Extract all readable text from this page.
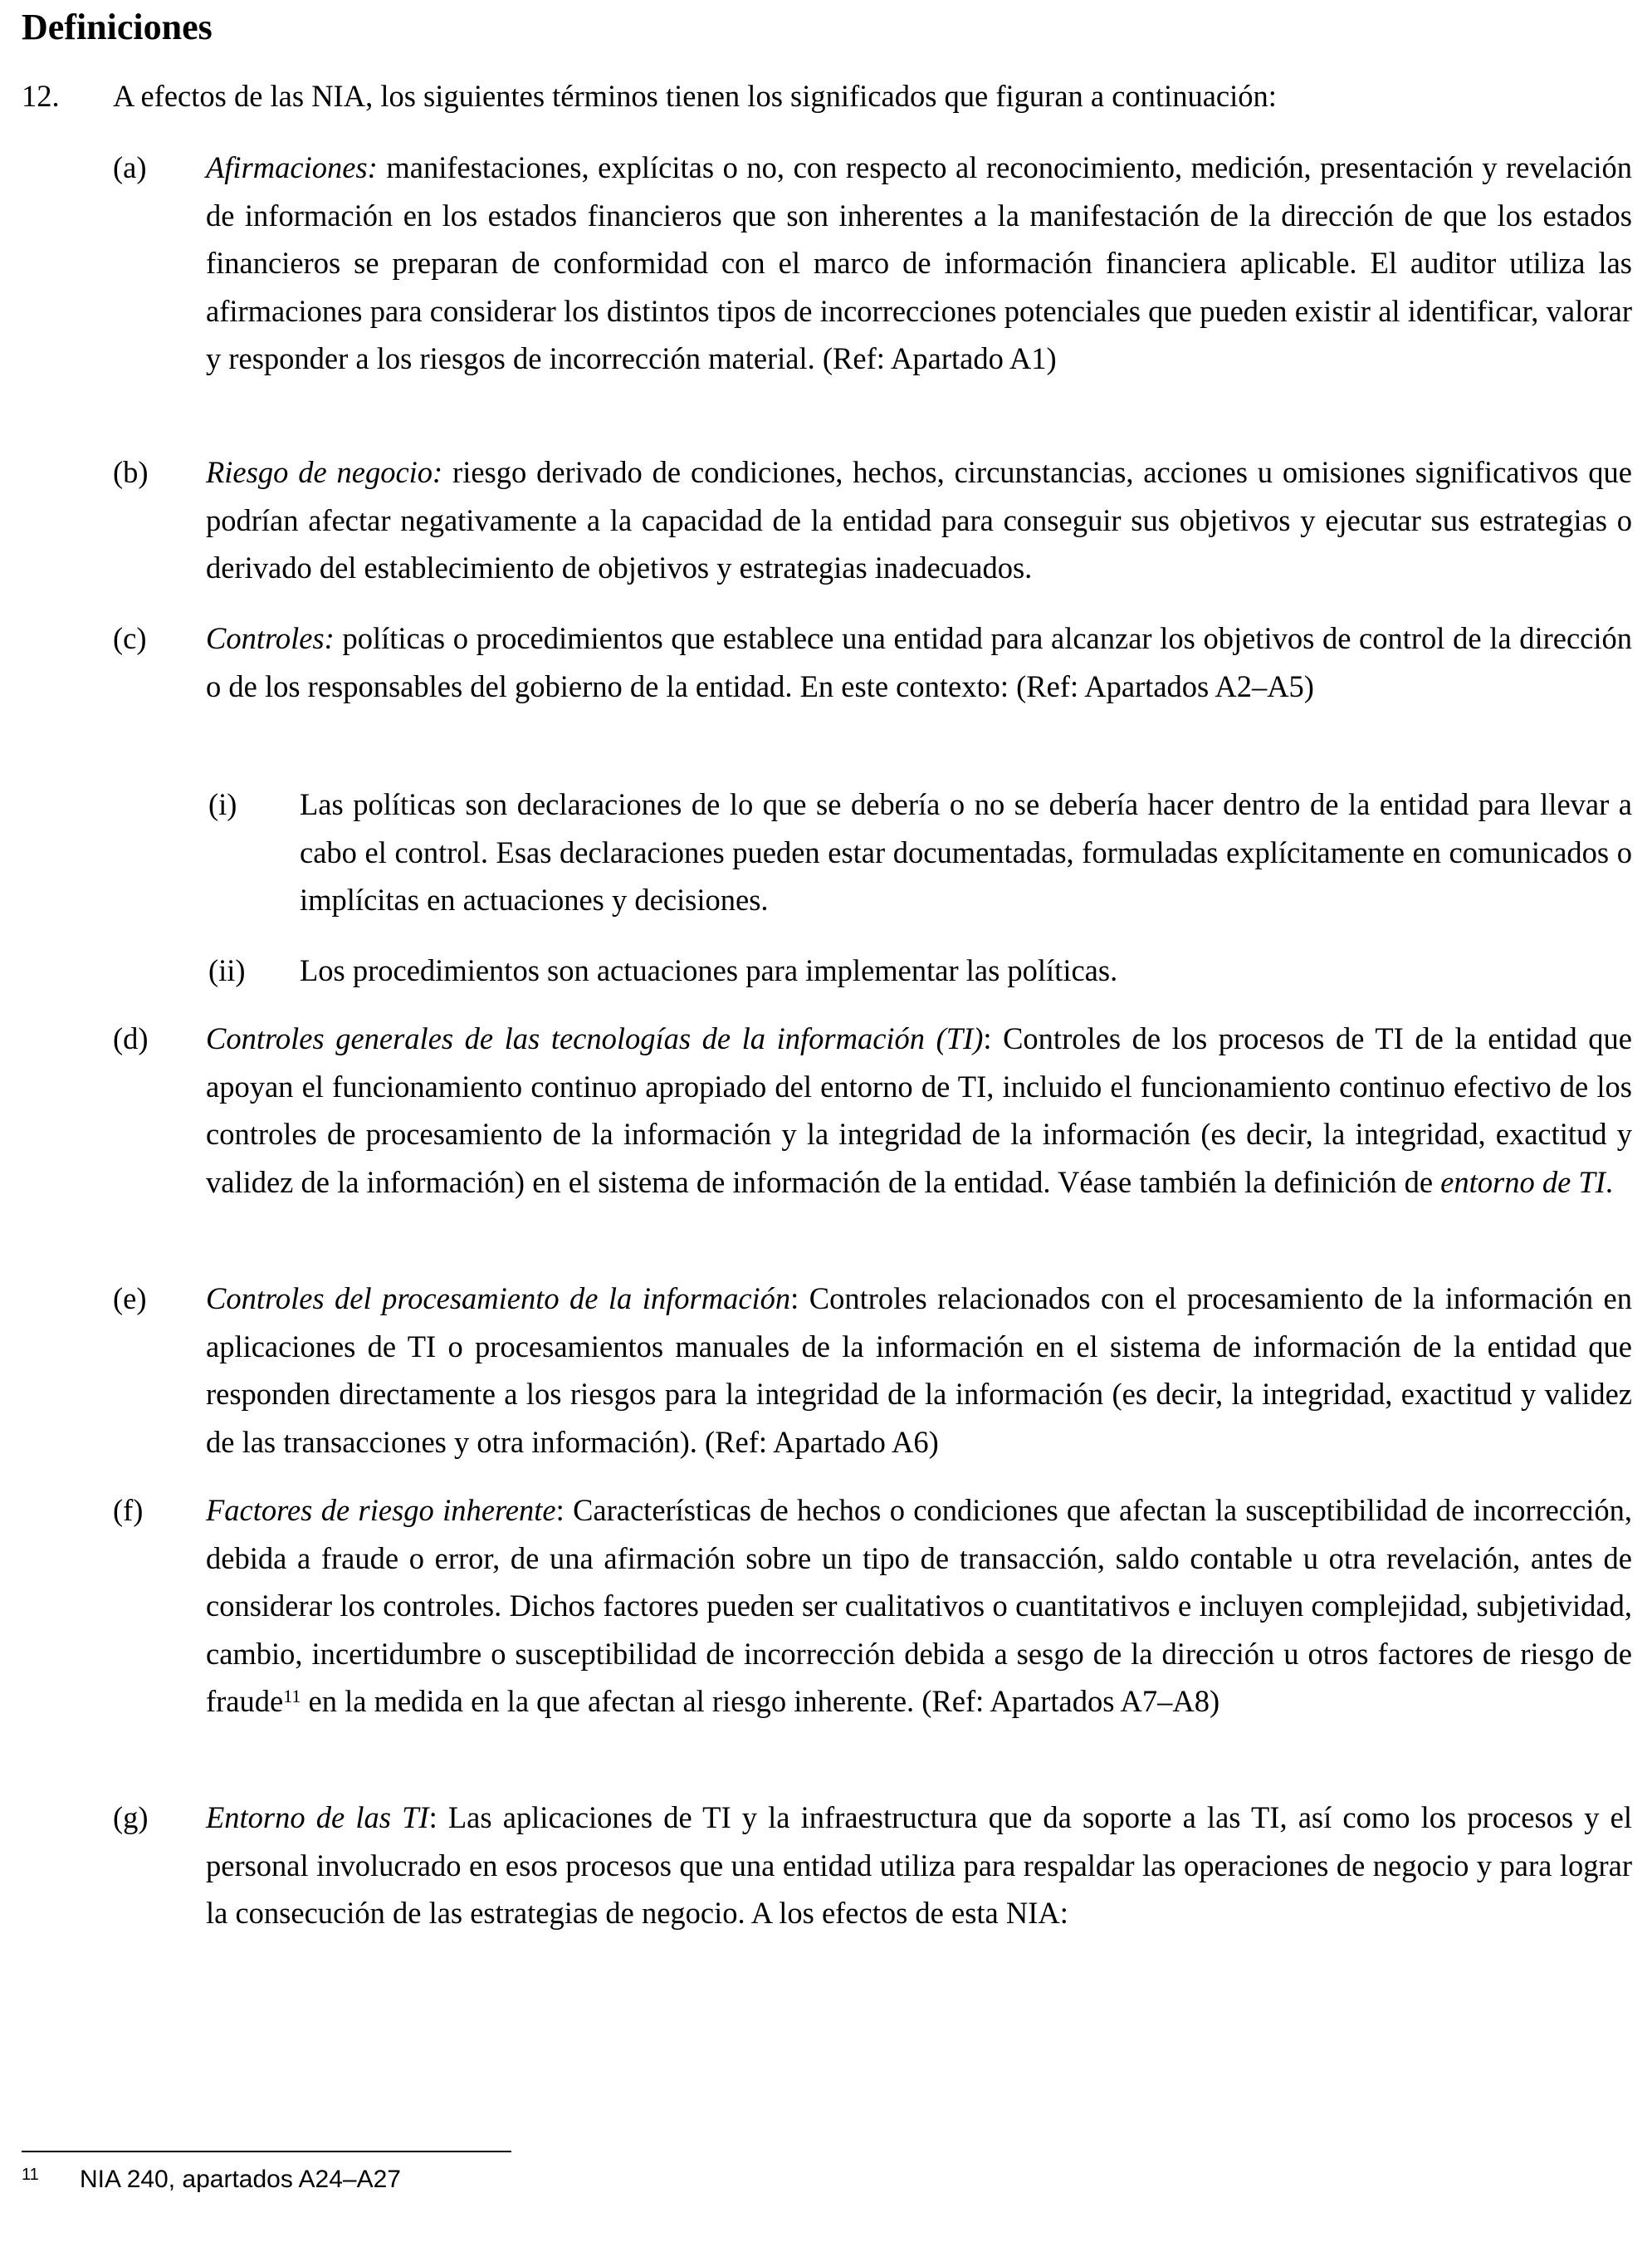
Definiciones
12. A efectos de las NIA, los siguientes términos tienen los significados que figuran a continuación:
(a) Afirmaciones: manifestaciones, explícitas o no, con respecto al reconocimiento, medición, presentación y revelación de información en los estados financieros que son inherentes a la manifestación de la dirección de que los estados financieros se preparan de conformidad con el marco de información financiera aplicable. El auditor utiliza las afirmaciones para considerar los distintos tipos de incorrecciones potenciales que pueden existir al identificar, valorar y responder a los riesgos de incorrección material. (Ref: Apartado A1)
(b) Riesgo de negocio: riesgo derivado de condiciones, hechos, circunstancias, acciones u omisiones significativos que podrían afectar negativamente a la capacidad de la entidad para conseguir sus objetivos y ejecutar sus estrategias o derivado del establecimiento de objetivos y estrategias inadecuados.
(c) Controles: políticas o procedimientos que establece una entidad para alcanzar los objetivos de control de la dirección o de los responsables del gobierno de la entidad. En este contexto: (Ref: Apartados A2–A5)
(i) Las políticas son declaraciones de lo que se debería o no se debería hacer dentro de la entidad para llevar a cabo el control. Esas declaraciones pueden estar documentadas, formuladas explícitamente en comunicados o implícitas en actuaciones y decisiones.
(ii) Los procedimientos son actuaciones para implementar las políticas.
(d) Controles generales de las tecnologías de la información (TI): Controles de los procesos de TI de la entidad que apoyan el funcionamiento continuo apropiado del entorno de TI, incluido el funcionamiento continuo efectivo de los controles de procesamiento de la información y la integridad de la información (es decir, la integridad, exactitud y validez de la información) en el sistema de información de la entidad. Véase también la definición de entorno de TI.
(e) Controles del procesamiento de la información: Controles relacionados con el procesamiento de la información en aplicaciones de TI o procesamientos manuales de la información en el sistema de información de la entidad que responden directamente a los riesgos para la integridad de la información (es decir, la integridad, exactitud y validez de las transacciones y otra información). (Ref: Apartado A6)
(f) Factores de riesgo inherente: Características de hechos o condiciones que afectan la susceptibilidad de incorrección, debida a fraude o error, de una afirmación sobre un tipo de transacción, saldo contable u otra revelación, antes de considerar los controles. Dichos factores pueden ser cualitativos o cuantitativos e incluyen complejidad, subjetividad, cambio, incertidumbre o susceptibilidad de incorrección debida a sesgo de la dirección u otros factores de riesgo de fraude$^{11}$ en la medida en la que afectan al riesgo inherente. (Ref: Apartados A7–A8)
(g) Entorno de las TI: Las aplicaciones de TI y la infraestructura que da soporte a las TI, así como los procesos y el personal involucrado en esos procesos que una entidad utiliza para respaldar las operaciones de negocio y para lograr la consecución de las estrategias de negocio. A los efectos de esta NIA:
11 NIA 240, apartados A24–A27
